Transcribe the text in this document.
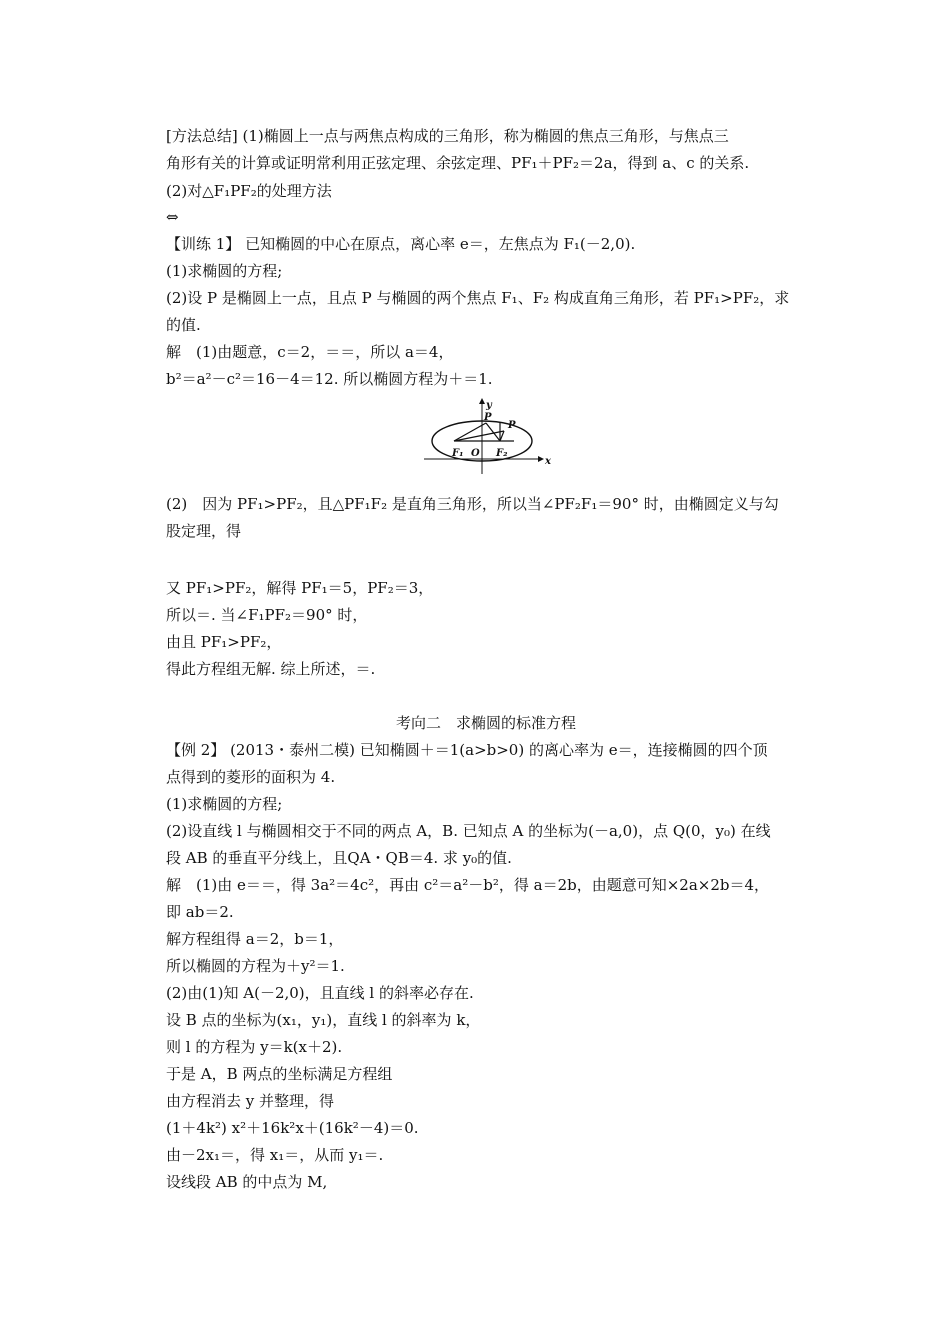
[方法总结] (1)椭圆上一点与两焦点构成的三角形，称为椭圆的焦点三角形，与焦点三
角形有关的计算或证明常利用正弦定理、余弦定理、PF₁＋PF₂＝2a，得到 a、c 的关系.
(2)对△F₁PF₂的处理方法
⇔
【训练 1】 已知椭圆的中心在原点，离心率 e＝，左焦点为 F₁(－2,0).
(1)求椭圆的方程;
(2)设 P 是椭圆上一点，且点 P 与椭圆的两个焦点 F₁、F₂ 构成直角三角形，若 PF₁>PF₂，求
的值.
解　(1)由题意，c＝2，＝＝，所以 a＝4，
b²＝a²－c²＝16－4＝12. 所以椭圆方程为＋＝1.
y
x
P
P
F₁ O F₂
(2)　因为 PF₁>PF₂，且△PF₁F₂ 是直角三角形，所以当∠PF₂F₁＝90° 时，由椭圆定义与勾
股定理，得
又 PF₁>PF₂，解得 PF₁＝5，PF₂＝3，
所以＝. 当∠F₁PF₂＝90° 时，
由且 PF₁>PF₂，
得此方程组无解. 综上所述，＝.
考向二　求椭圆的标准方程
【例 2】 (2013・泰州二模) 已知椭圆＋＝1(a>b>0) 的离心率为 e＝，连接椭圆的四个顶
点得到的菱形的面积为 4.
(1)求椭圆的方程;
(2)设直线 l 与椭圆相交于不同的两点 A，B. 已知点 A 的坐标为(－a,0)，点 Q(0，y₀) 在线
段 AB 的垂直平分线上，且QA・QB＝4. 求 y₀的值.
解　(1)由 e＝＝，得 3a²＝4c²，再由 c²＝a²－b²，得 a＝2b，由题意可知×2a×2b＝4，
即 ab＝2.
解方程组得 a＝2，b＝1，
所以椭圆的方程为＋y²＝1.
(2)由(1)知 A(－2,0)，且直线 l 的斜率必存在.
设 B 点的坐标为(x₁，y₁)，直线 l 的斜率为 k，
则 l 的方程为 y＝k(x＋2).
于是 A，B 两点的坐标满足方程组
由方程消去 y 并整理，得
(1＋4k²) x²＋16k²x＋(16k²－4)＝0.
由－2x₁＝，得 x₁＝，从而 y₁＝.
设线段 AB 的中点为 M,
